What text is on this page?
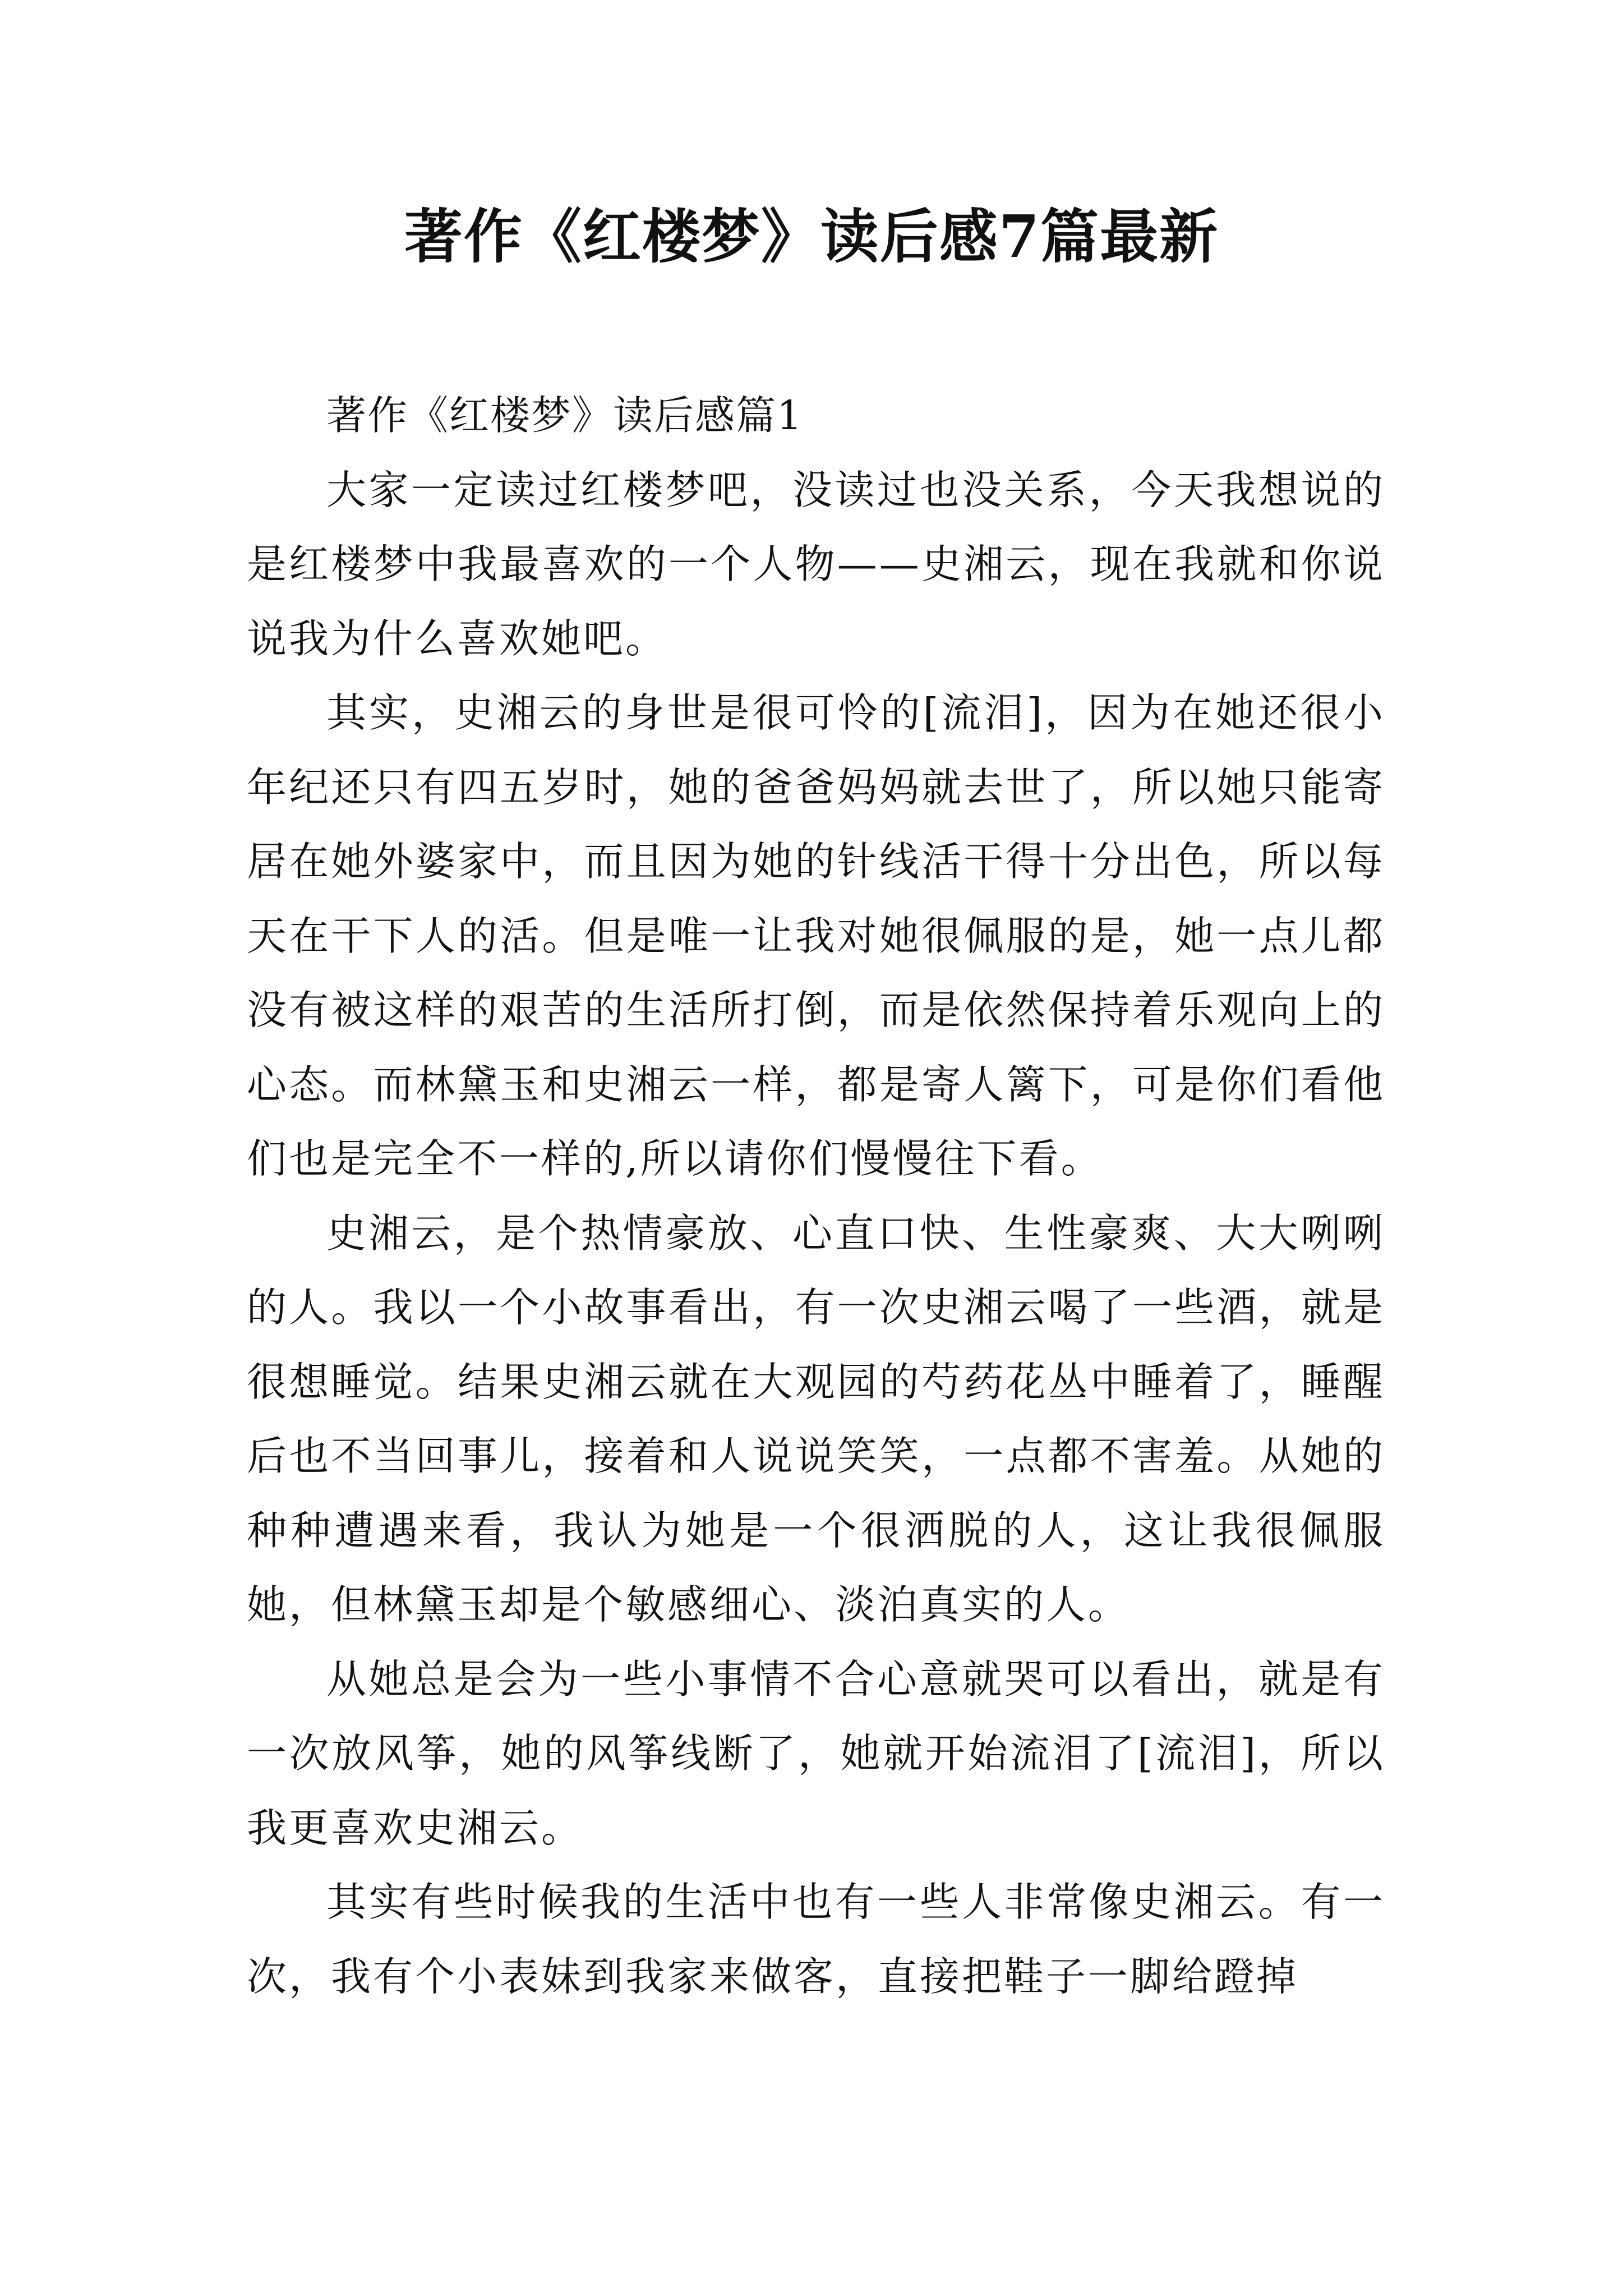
著作《红楼梦》读后感7篇最新

著作《红楼梦》读后感篇1

大家一定读过红楼梦吧，没读过也没关系，今天我想说的是红楼梦中我最喜欢的一个人物——史湘云，现在我就和你说说我为什么喜欢她吧。

其实，史湘云的身世是很可怜的[流泪]，因为在她还很小年纪还只有四五岁时，她的爸爸妈妈就去世了，所以她只能寄居在她外婆家中，而且因为她的针线活干得十分出色，所以每天在干下人的活。但是唯一让我对她很佩服的是，她一点儿都没有被这样的艰苦的生活所打倒，而是依然保持着乐观向上的心态。而林黛玉和史湘云一样，都是寄人篱下，可是你们看他们也是完全不一样的,所以请你们慢慢往下看。

史湘云，是个热情豪放、心直口快、生性豪爽、大大咧咧的人。我以一个小故事看出，有一次史湘云喝了一些酒，就是很想睡觉。结果史湘云就在大观园的芍药花丛中睡着了，睡醒后也不当回事儿，接着和人说说笑笑，一点都不害羞。从她的种种遭遇来看，我认为她是一个很洒脱的人，这让我很佩服她，但林黛玉却是个敏感细心、淡泊真实的人。

从她总是会为一些小事情不合心意就哭可以看出，就是有一次放风筝，她的风筝线断了，她就开始流泪了[流泪]，所以我更喜欢史湘云。

其实有些时候我的生活中也有一些人非常像史湘云。有一次，我有个小表妹到我家来做客，直接把鞋子一脚给蹬掉
